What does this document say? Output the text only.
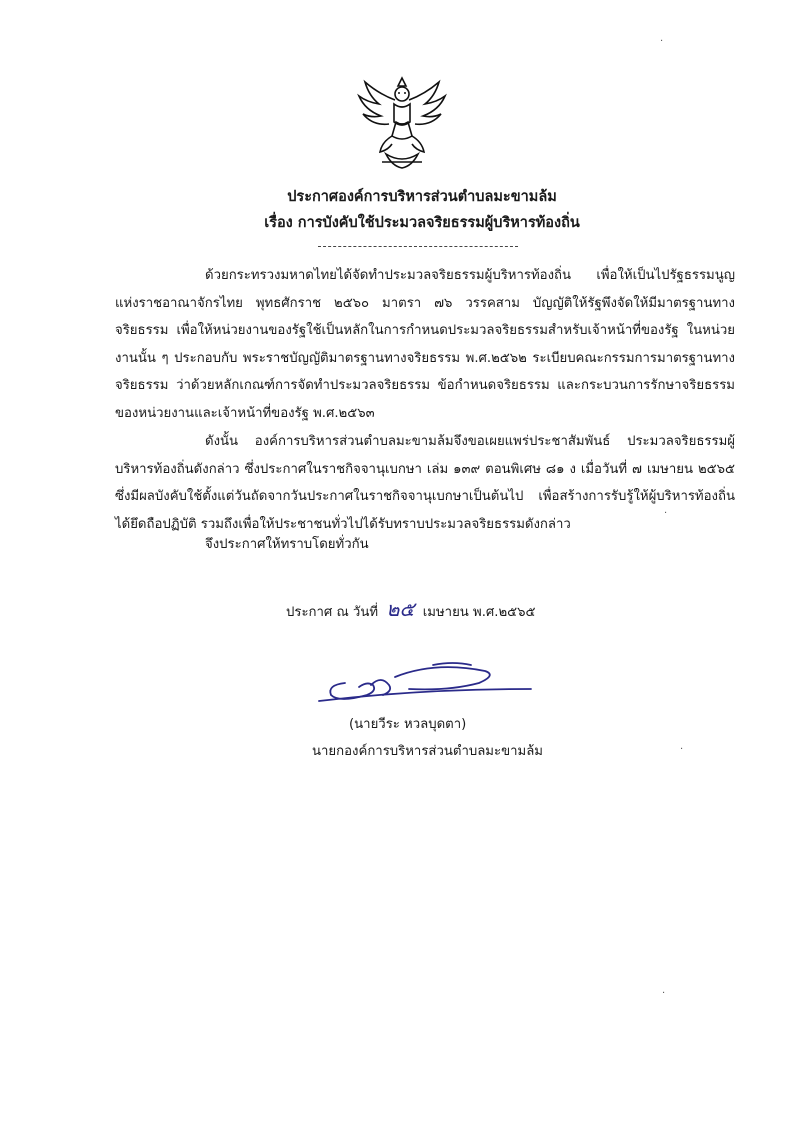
ประกาศองค์การบริหารส่วนตำบลมะขามล้ม
เรื่อง การบังคับใช้ประมวลจริยธรรมผู้บริหารท้องถิ่น
ด้วยกระทรวงมหาดไทยได้จัดทำประมวลจริยธรรมผู้บริหารท้องถิ่น เพื่อให้เป็นไปรัฐธรรมนูญแห่งราชอาณาจักรไทย พุทธศักราช ๒๕๖๐ มาตรา ๗๖ วรรคสาม บัญญัติให้รัฐพึงจัดให้มีมาตรฐานทางจริยธรรม เพื่อให้หน่วยงานของรัฐใช้เป็นหลักในการกำหนดประมวลจริยธรรมสำหรับเจ้าหน้าที่ของรัฐ ในหน่วยงานนั้น ๆ ประกอบกับ พระราชบัญญัติมาตรฐานทางจริยธรรม พ.ศ.๒๕๖๒ ระเบียบคณะกรรมการมาตรฐานทางจริยธรรม ว่าด้วยหลักเกณฑ์การจัดทำประมวลจริยธรรม ข้อกำหนดจริยธรรม และกระบวนการรักษาจริยธรรมของหน่วยงานและเจ้าหน้าที่ของรัฐ พ.ศ.๒๕๖๓
ดังนั้น องค์การบริหารส่วนตำบลมะขามล้มจึงขอเผยแพร่ประชาสัมพันธ์ ประมวลจริยธรรมผู้บริหารท้องถิ่นดังกล่าว ซึ่งประกาศในราชกิจจานุเบกษา เล่ม ๑๓๙ ตอนพิเศษ ๘๑ ง เมื่อวันที่ ๗ เมษายน ๒๕๖๕ ซึ่งมีผลบังคับใช้ตั้งแต่วันถัดจากวันประกาศในราชกิจจานุเบกษาเป็นต้นไป เพื่อสร้างการรับรู้ให้ผู้บริหารท้องถิ่นได้ยึดถือปฏิบัติ รวมถึงเพื่อให้ประชาชนทั่วไปได้รับทราบประมวลจริยธรรมดังกล่าว
จึงประกาศให้ทราบโดยทั่วกัน
ประกาศ ณ วันที่ ๒๕ เมษายน พ.ศ.๒๕๖๕
(นายวีระ หวลบุดตา)
นายกองค์การบริหารส่วนตำบลมะขามล้ม
·
·
·
·
